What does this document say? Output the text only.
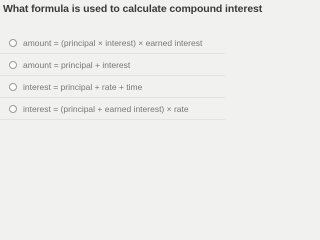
What formula is used to calculate compound interest
amount = (principal × interest) × earned interest
amount = principal + interest
interest = principal + rate + time
interest = (principal + earned interest) × rate
